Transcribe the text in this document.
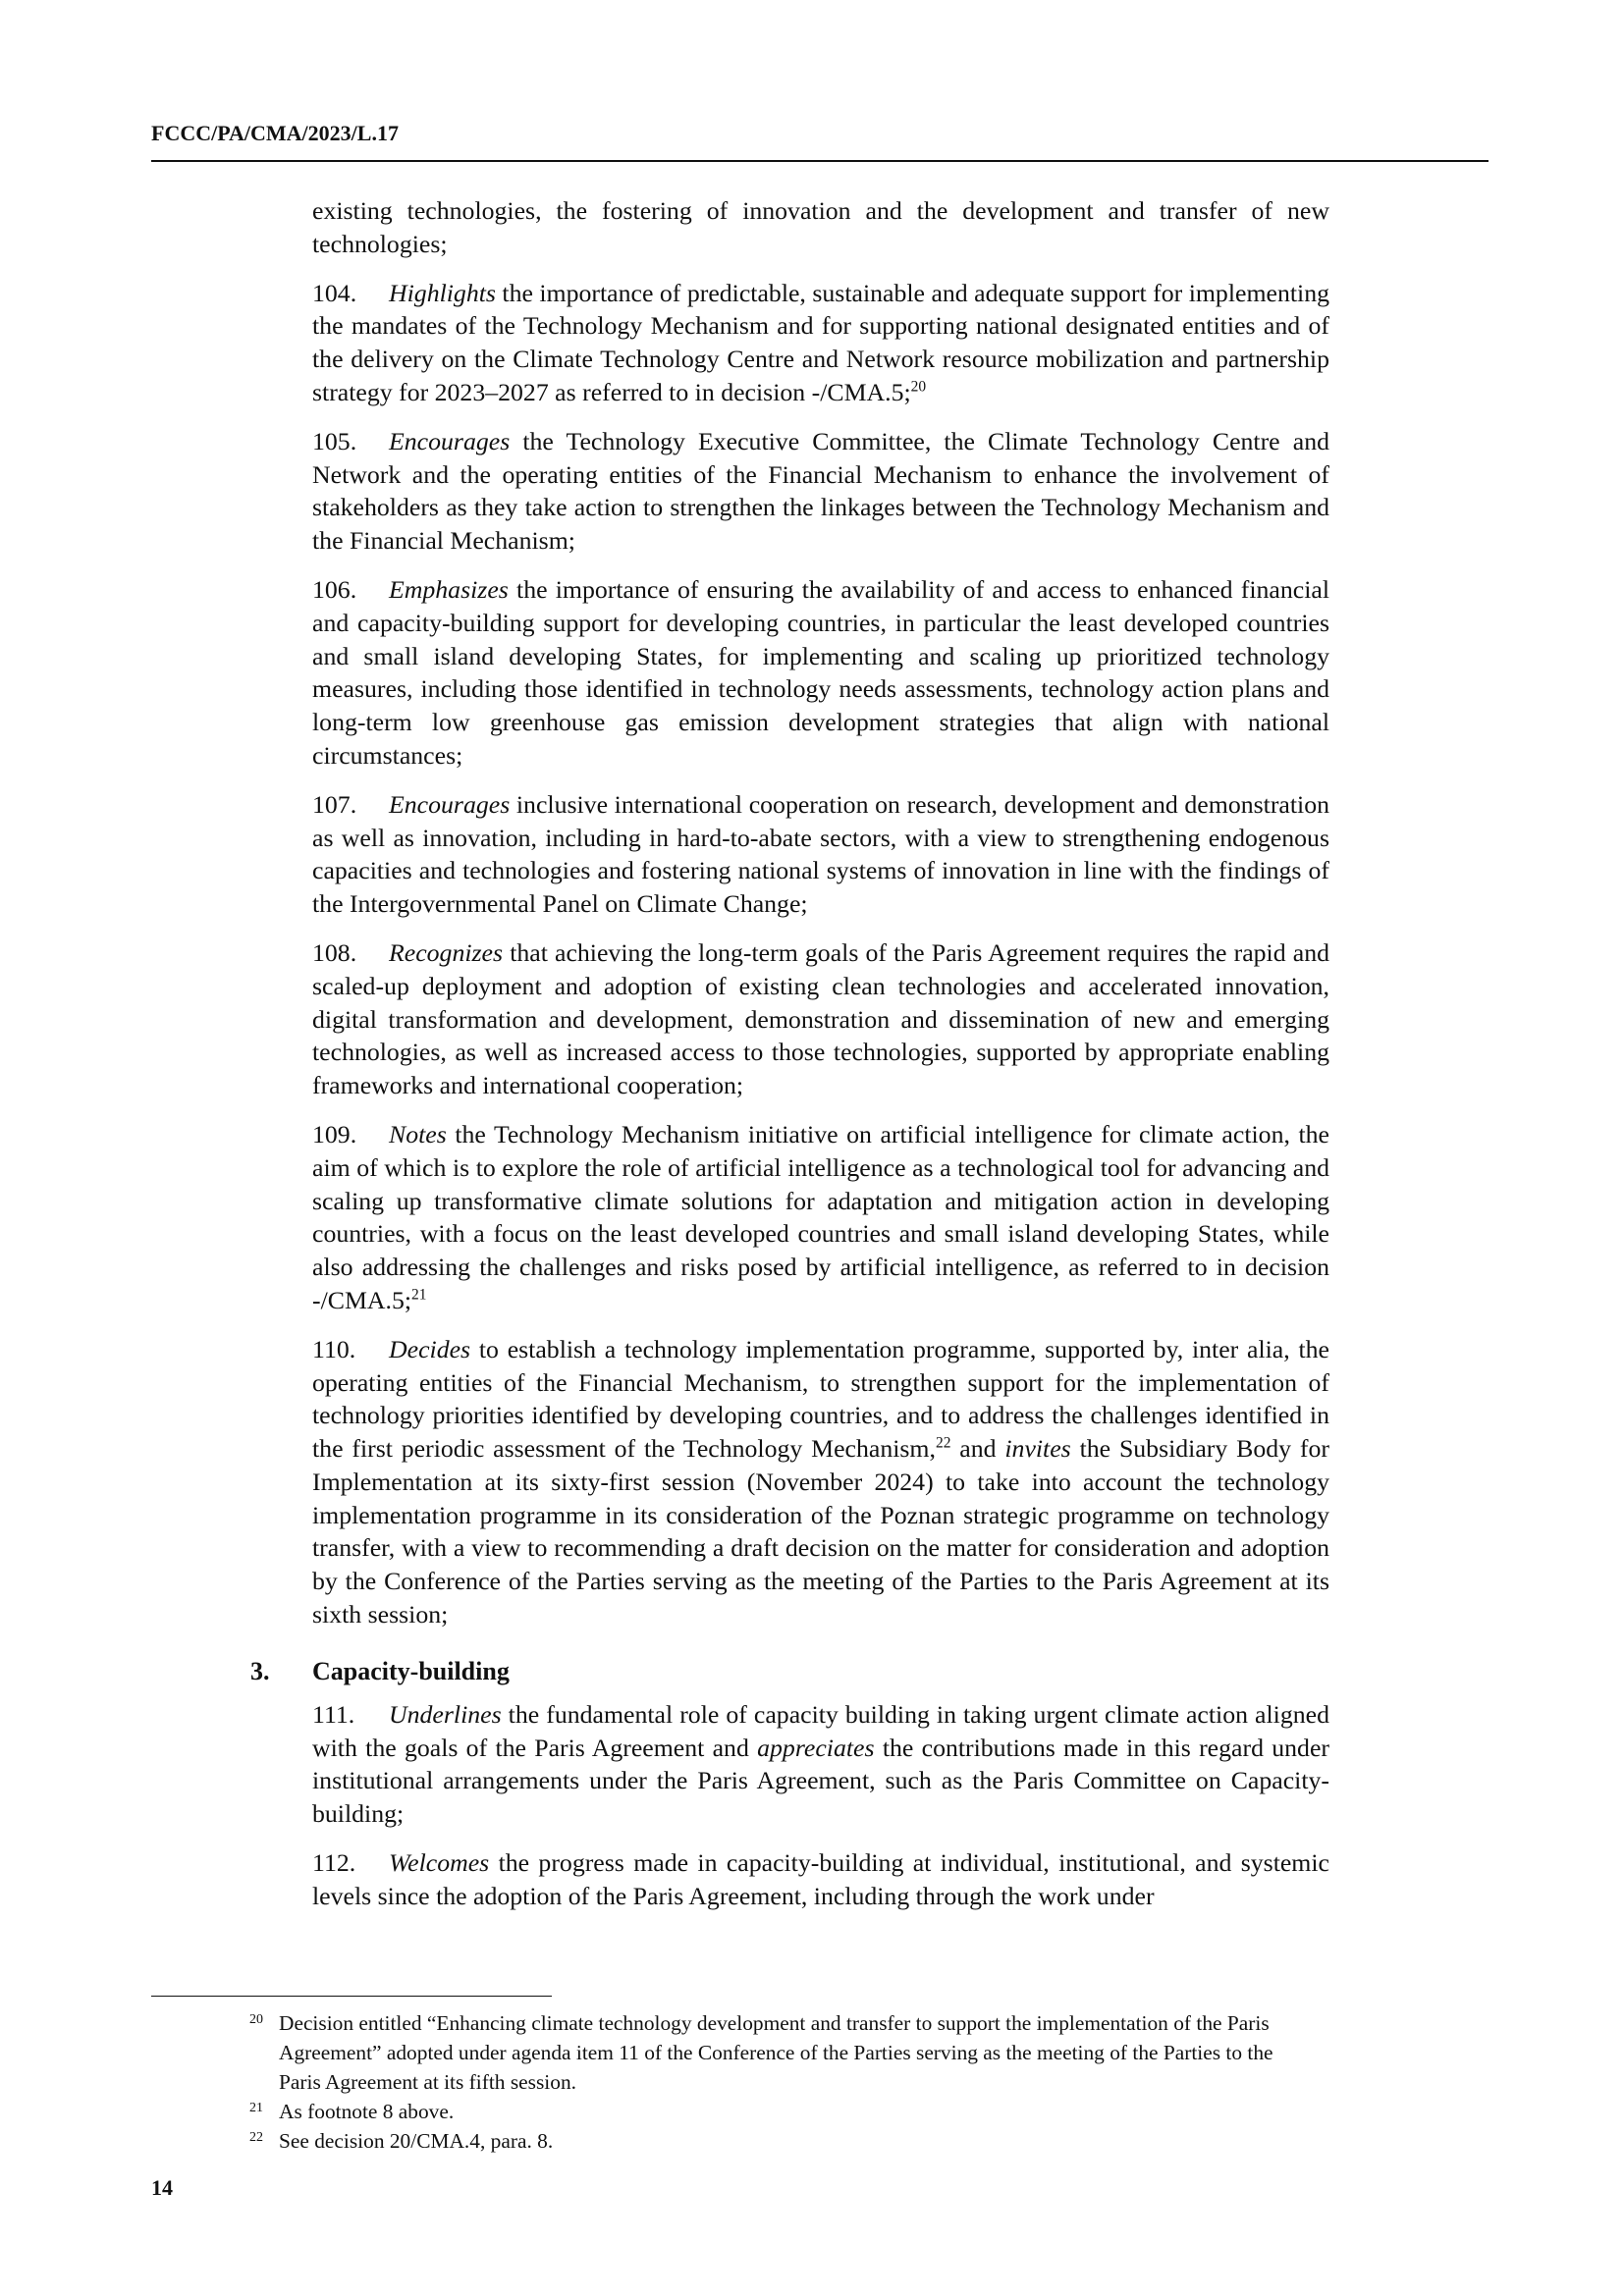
FCCC/PA/CMA/2023/L.17

existing technologies, the fostering of innovation and the development and transfer of new technologies;

104. Highlights the importance of predictable, sustainable and adequate support for implementing the mandates of the Technology Mechanism and for supporting national designated entities and of the delivery on the Climate Technology Centre and Network resource mobilization and partnership strategy for 2023–2027 as referred to in decision -/CMA.5;$^{20}$

105. Encourages the Technology Executive Committee, the Climate Technology Centre and Network and the operating entities of the Financial Mechanism to enhance the involvement of stakeholders as they take action to strengthen the linkages between the Technology Mechanism and the Financial Mechanism;

106. Emphasizes the importance of ensuring the availability of and access to enhanced financial and capacity-building support for developing countries, in particular the least developed countries and small island developing States, for implementing and scaling up prioritized technology measures, including those identified in technology needs assessments, technology action plans and long-term low greenhouse gas emission development strategies that align with national circumstances;

107. Encourages inclusive international cooperation on research, development and demonstration as well as innovation, including in hard-to-abate sectors, with a view to strengthening endogenous capacities and technologies and fostering national systems of innovation in line with the findings of the Intergovernmental Panel on Climate Change;

108. Recognizes that achieving the long-term goals of the Paris Agreement requires the rapid and scaled-up deployment and adoption of existing clean technologies and accelerated innovation, digital transformation and development, demonstration and dissemination of new and emerging technologies, as well as increased access to those technologies, supported by appropriate enabling frameworks and international cooperation;

109. Notes the Technology Mechanism initiative on artificial intelligence for climate action, the aim of which is to explore the role of artificial intelligence as a technological tool for advancing and scaling up transformative climate solutions for adaptation and mitigation action in developing countries, with a focus on the least developed countries and small island developing States, while also addressing the challenges and risks posed by artificial intelligence, as referred to in decision -/CMA.5;$^{21}$

110. Decides to establish a technology implementation programme, supported by, inter alia, the operating entities of the Financial Mechanism, to strengthen support for the implementation of technology priorities identified by developing countries, and to address the challenges identified in the first periodic assessment of the Technology Mechanism,$^{22}$ and invites the Subsidiary Body for Implementation at its sixty-first session (November 2024) to take into account the technology implementation programme in its consideration of the Poznan strategic programme on technology transfer, with a view to recommending a draft decision on the matter for consideration and adoption by the Conference of the Parties serving as the meeting of the Parties to the Paris Agreement at its sixth session;

3. Capacity-building

111. Underlines the fundamental role of capacity building in taking urgent climate action aligned with the goals of the Paris Agreement and appreciates the contributions made in this regard under institutional arrangements under the Paris Agreement, such as the Paris Committee on Capacity-building;

112. Welcomes the progress made in capacity-building at individual, institutional, and systemic levels since the adoption of the Paris Agreement, including through the work under

20 Decision entitled “Enhancing climate technology development and transfer to support the implementation of the Paris Agreement” adopted under agenda item 11 of the Conference of the Parties serving as the meeting of the Parties to the Paris Agreement at its fifth session.
21 As footnote 8 above.
22 See decision 20/CMA.4, para. 8.
14
